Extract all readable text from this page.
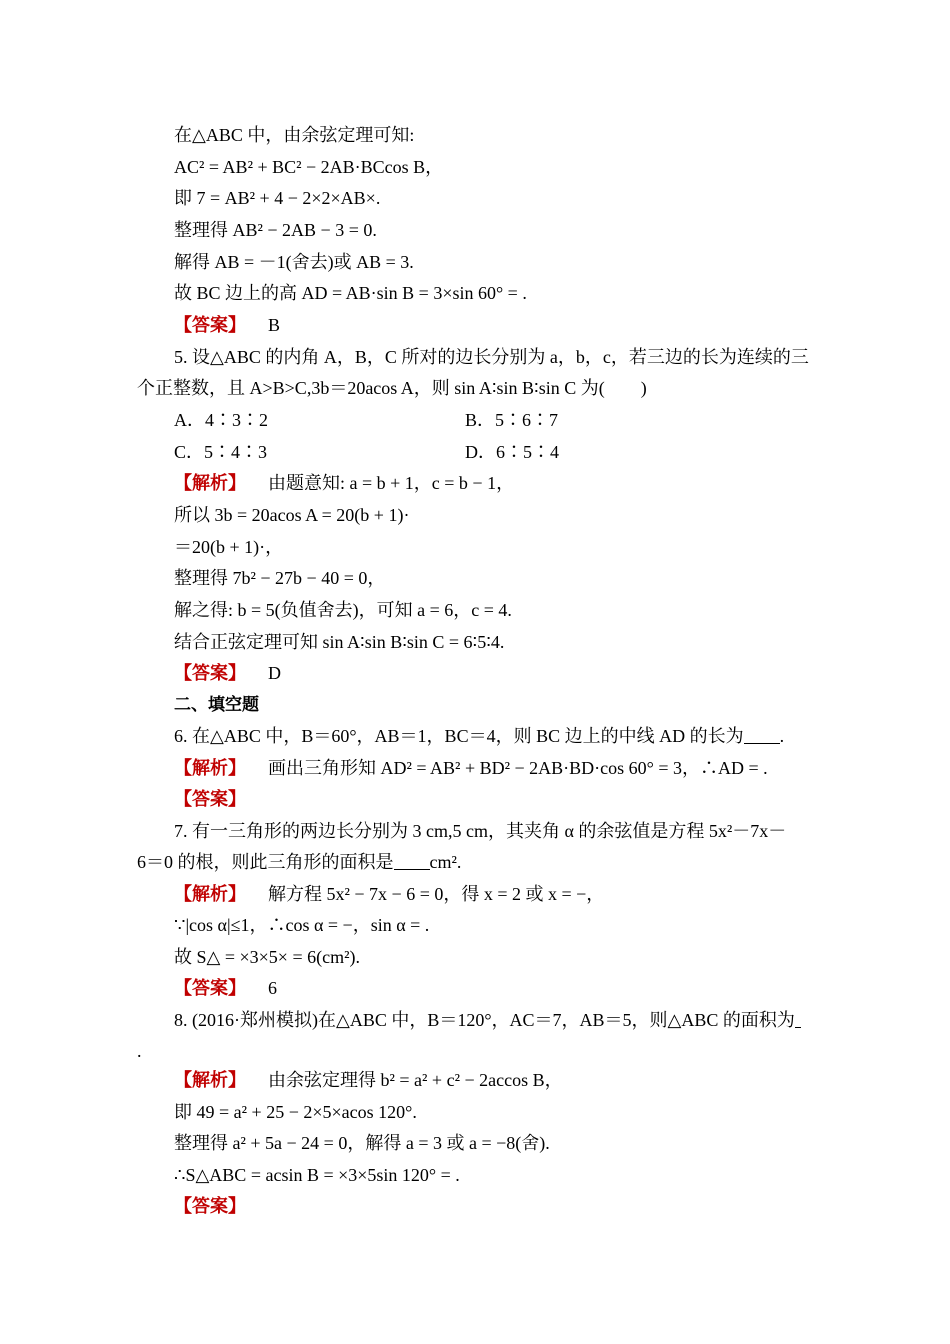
在△ABC 中，由余弦定理可知:
AC² = AB² + BC² − 2AB·BCcos B，
即 7 = AB² + 4 − 2×2×AB×.
整理得 AB² − 2AB − 3 = 0.
解得 AB = －1(舍去)或 AB = 3.
故 BC 边上的高 AD = AB·sin B = 3×sin 60° = .
【答案】 B
5. 设△ABC 的内角 A，B，C 所对的边长分别为 a，b，c，若三边的长为连续的三
个正整数，且 A>B>C,3b＝20acos A，则 sin A∶sin B∶sin C 为(　　)
A．4∶3∶2	B．5∶6∶7
C．5∶4∶3	D．6∶5∶4
【解析】 由题意知: a = b + 1，c = b − 1，
所以 3b = 20acos A = 20(b + 1)·
＝20(b + 1)·，
整理得 7b² − 27b − 40 = 0，
解之得: b = 5(负值舍去)，可知 a = 6，c = 4.
结合正弦定理可知 sin A∶sin B∶sin C = 6∶5∶4.
【答案】 D
二、填空题
6. 在△ABC 中，B＝60°，AB＝1，BC＝4，则 BC 边上的中线 AD 的长为 .
【解析】 画出三角形知 AD² = AB² + BD² − 2AB·BD·cos 60° = 3，∴AD = .
【答案】
7. 有一三角形的两边长分别为 3 cm,5 cm，其夹角 α 的余弦值是方程 5x²－7x－
6＝0 的根，则此三角形的面积是 cm².
【解析】 解方程 5x² − 7x − 6 = 0，得 x = 2 或 x = −，
∵|cos α|≤1，∴cos α = −，sin α = .
故 S△ = ×3×5× = 6(cm²).
【答案】 6
8. (2016·郑州模拟)在△ABC 中，B＝120°，AC＝7，AB＝5，则△ABC 的面积为
.
【解析】 由余弦定理得 b² = a² + c² − 2accos B，
即 49 = a² + 25 − 2×5×acos 120°.
整理得 a² + 5a − 24 = 0，解得 a = 3 或 a = −8(舍).
∴S△ABC = acsin B = ×3×5sin 120° = .
【答案】
